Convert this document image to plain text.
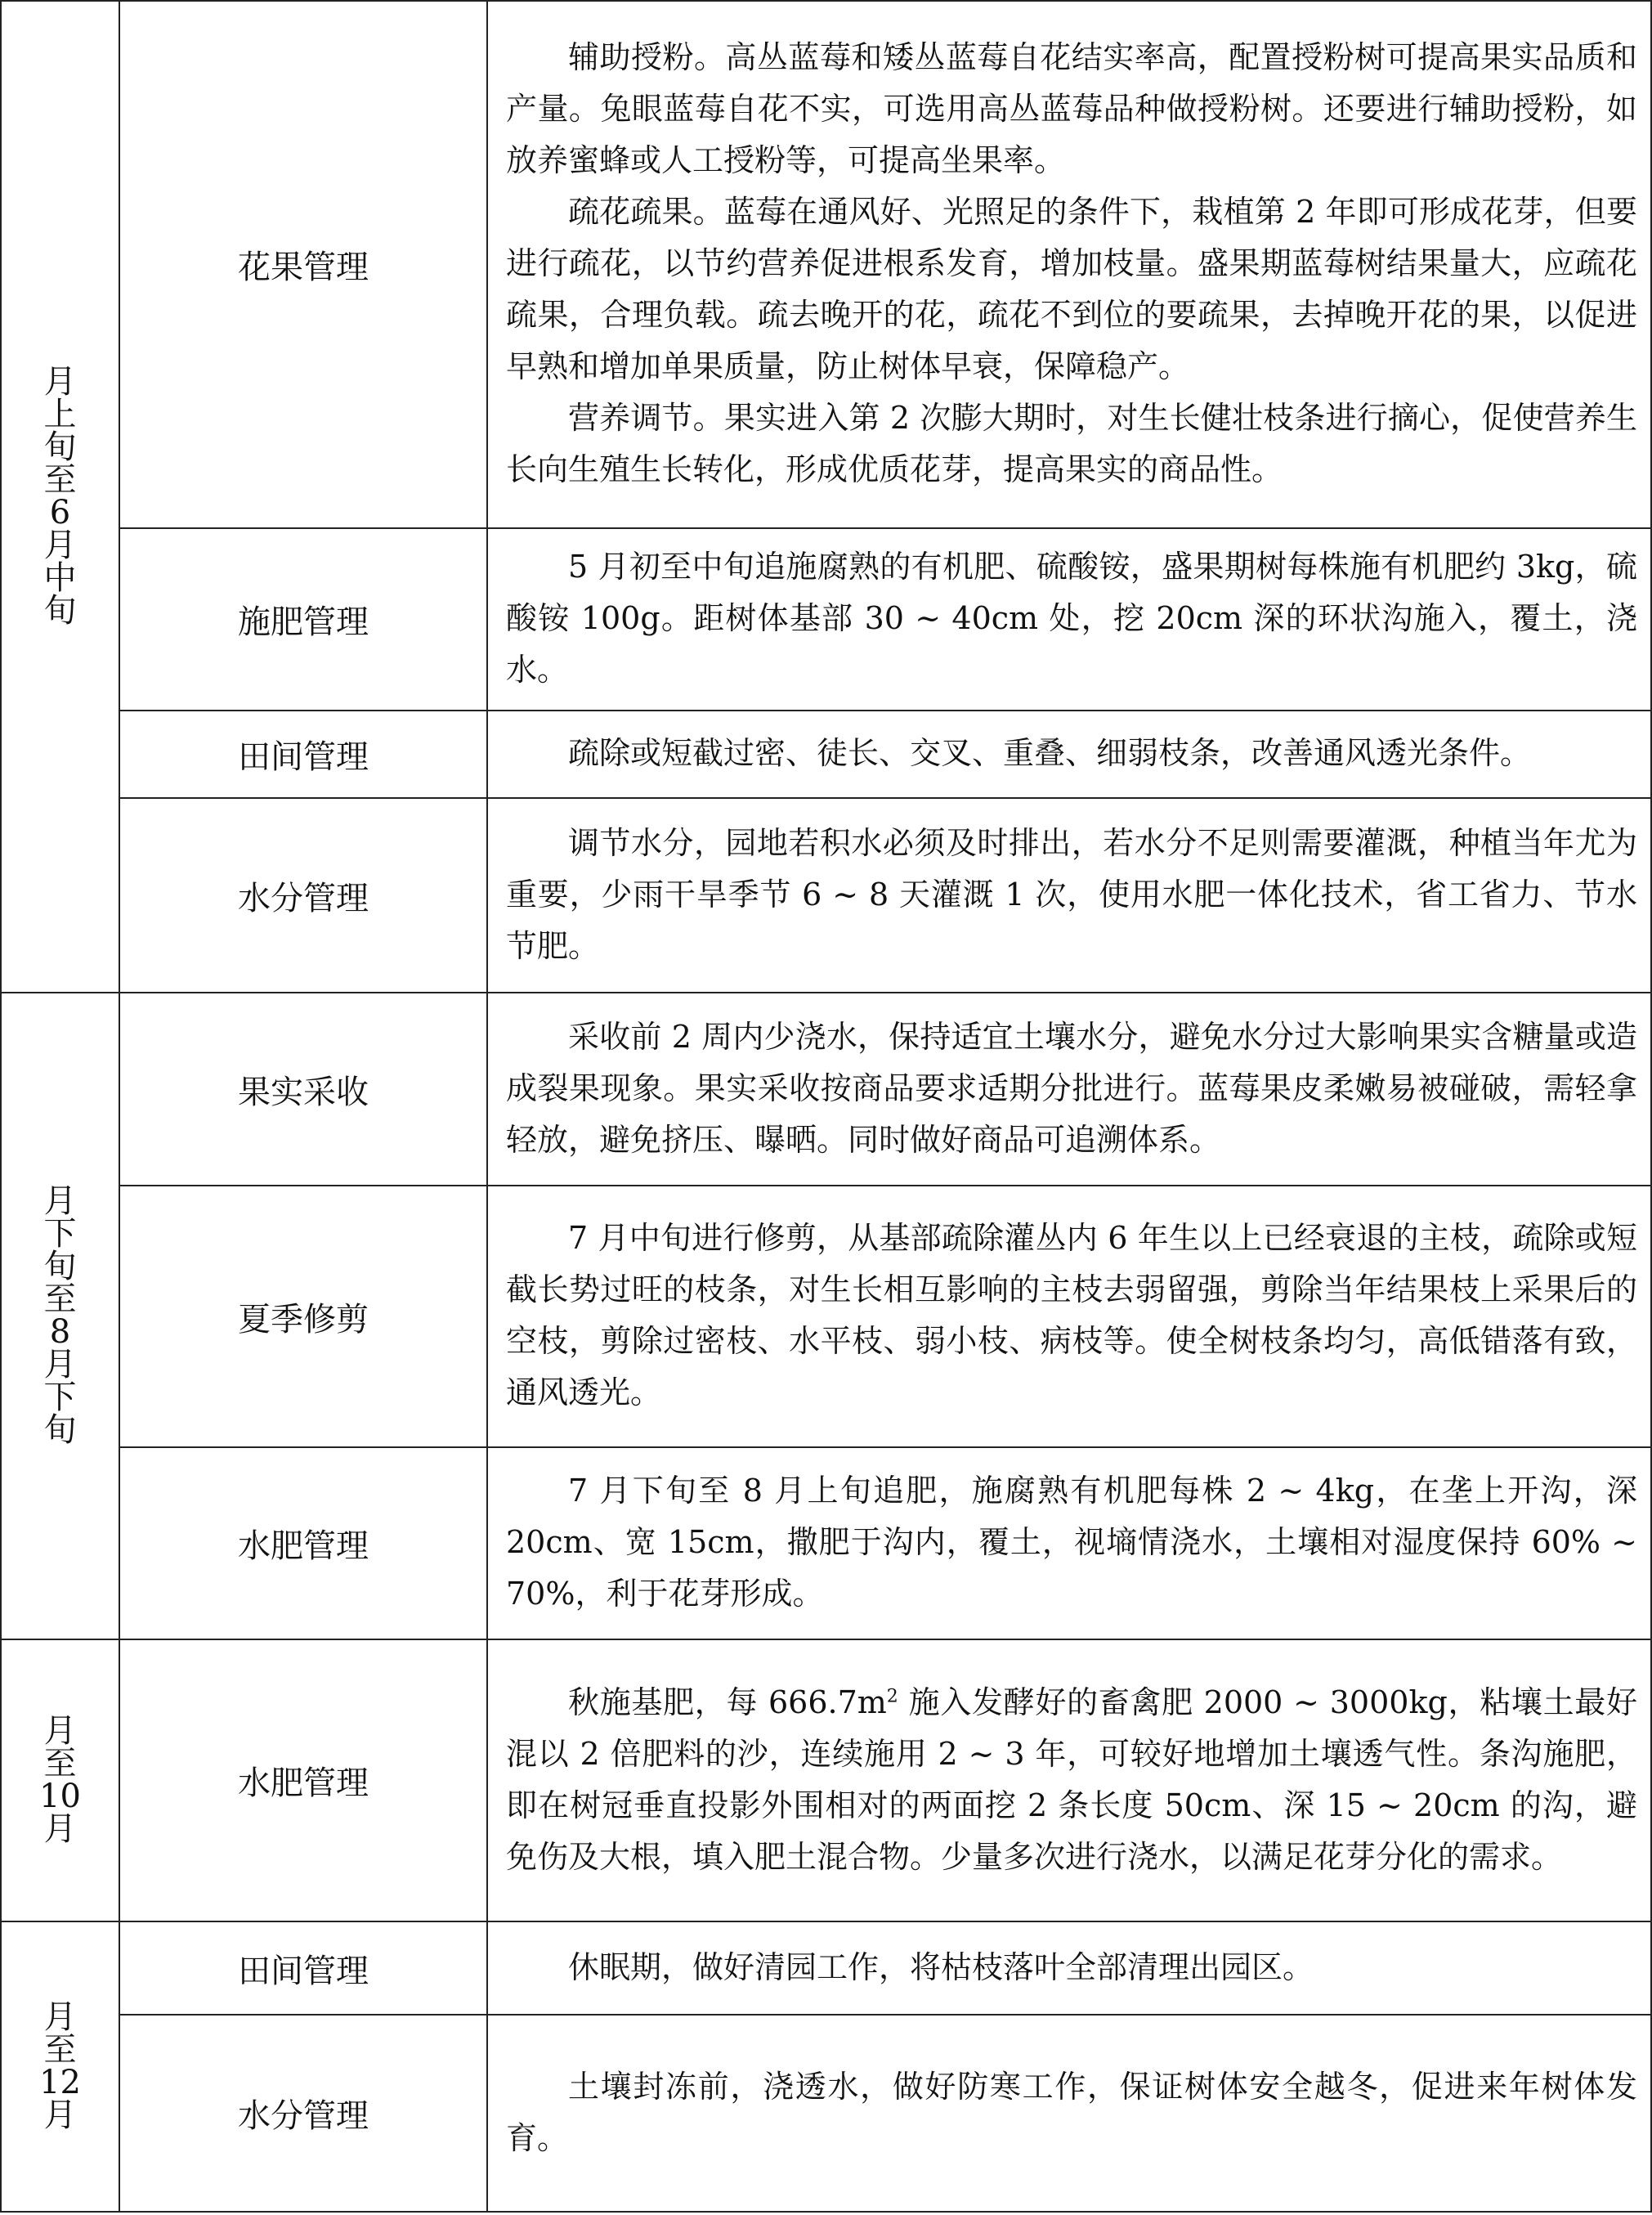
月上旬至6月中旬	花果管理	辅助授粉。高丛蓝莓和矮丛蓝莓自花结实率高，配置授粉树可提高果实品质和产量。兔眼蓝莓自花不实，可选用高丛蓝莓品种做授粉树。还要进行辅助授粉，如放养蜜蜂或人工授粉等，可提高坐果率。

疏花疏果。蓝莓在通风好、光照足的条件下，栽植第 2 年即可形成花芽，但要进行疏花，以节约营养促进根系发育，增加枝量。盛果期蓝莓树结果量大，应疏花疏果，合理负载。疏去晚开的花，疏花不到位的要疏果，去掉晚开花的果，以促进早熟和增加单果质量，防止树体早衰，保障稳产。

营养调节。果实进入第 2 次膨大期时，对生长健壮枝条进行摘心，促使营养生长向生殖生长转化，形成优质花芽，提高果实的商品性。

	施肥管理	5 月初至中旬追施腐熟的有机肥、硫酸铵，盛果期树每株施有机肥约 3kg，硫酸铵 100g。距树体基部 30 ~ 40cm 处，挖 20cm 深的环状沟施入，覆土，浇水。

	田间管理	疏除或短截过密、徒长、交叉、重叠、细弱枝条，改善通风透光条件。

	水分管理	调节水分，园地若积水必须及时排出，若水分不足则需要灌溉，种植当年尤为重要，少雨干旱季节 6 ~ 8 天灌溉 1 次，使用水肥一体化技术，省工省力、节水节肥。

月下旬至8月下旬	果实采收	采收前 2 周内少浇水，保持适宜土壤水分，避免水分过大影响果实含糖量或造成裂果现象。果实采收按商品要求适期分批进行。蓝莓果皮柔嫩易被碰破，需轻拿轻放，避免挤压、曝晒。同时做好商品可追溯体系。

	夏季修剪	7 月中旬进行修剪，从基部疏除灌丛内 6 年生以上已经衰退的主枝，疏除或短截长势过旺的枝条，对生长相互影响的主枝去弱留强，剪除当年结果枝上采果后的空枝，剪除过密枝、水平枝、弱小枝、病枝等。使全树枝条均匀，高低错落有致，通风透光。

	水肥管理	7 月下旬至 8 月上旬追肥，施腐熟有机肥每株 2 ~ 4kg，在垄上开沟，深 20cm、宽 15cm，撒肥于沟内，覆土，视墒情浇水，土壤相对湿度保持 60% ~ 70%，利于花芽形成。

月至10月	水肥管理	秋施基肥，每 $666.7m^2$ 施入发酵好的畜禽肥 2000 ~ 3000kg，粘壤土最好混以 2 倍肥料的沙，连续施用 2 ~ 3 年，可较好地增加土壤透气性。条沟施肥，即在树冠垂直投影外围相对的两面挖 2 条长度 50cm、深 15 ~ 20cm 的沟，避免伤及大根，填入肥土混合物。少量多次进行浇水，以满足花芽分化的需求。

月至12月	田间管理	休眠期，做好清园工作，将枯枝落叶全部清理出园区。

	水分管理	土壤封冻前，浇透水，做好防寒工作，保证树体安全越冬，促进来年树体发育。
